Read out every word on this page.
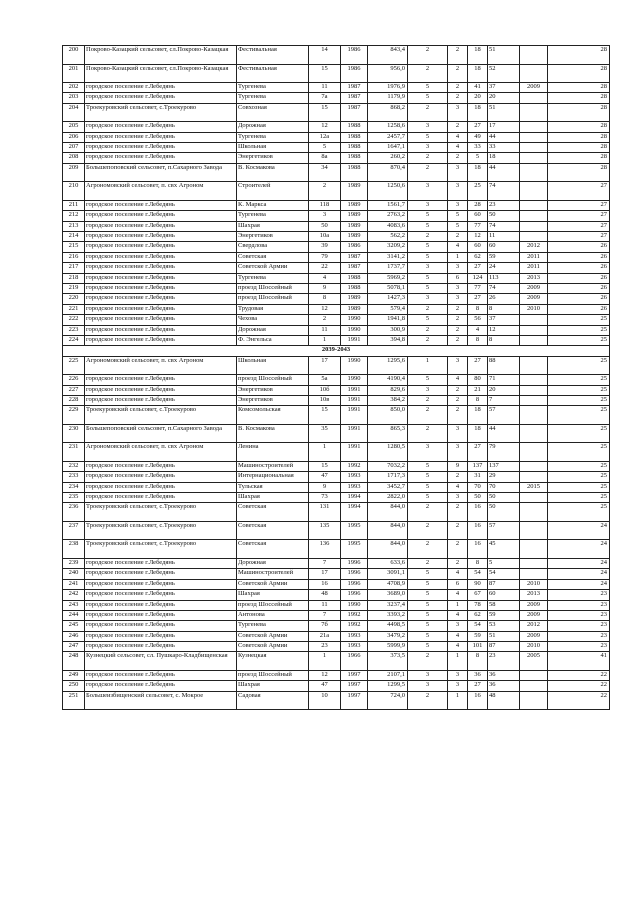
200	Покрово-Казацкий сельсовет, сл.Покрово-Казацкая	Фестивальная	14	1986	843,4	2	2	18	51		28
201	Покрово-Казацкий сельсовет, сл.Покрово-Казацкая	Фестивальная	15	1986	956,0	2	2	18	52		28
202	городское поселение г.Лебедянь	Тургенева	11	1987	1976,9	5	2	41	37	2009	28
203	городское поселение г.Лебедянь	Тургенева	7а	1987	1179,9	5	2	20	20		28
204	Троекуровский сельсовет, с.Троекурово	Совхозная	15	1987	868,2	2	3	18	51		28
205	городское поселение г.Лебедянь	Дорожная	12	1988	1258,6	3	2	27	17		28
206	городское поселение г.Лебедянь	Тургенева	12а	1988	2457,7	5	4	49	44		28
207	городское поселение г.Лебедянь	Школьная	5	1988	1647,1	3	4	33	33		28
208	городское поселение г.Лебедянь	Энергетиков	8а	1988	260,2	2	2	5	18		28
209	Большепоповский сельсовет, п.Сахарного Завода	В. Космакова	34	1988	870,4	2	3	18	44		28
210	Агрономовский сельсовет, п. свх Агроном	Строителей	2	1989	1250,6	3	3	25	74		27
211	городское поселение г.Лебедянь	К. Маркса	118	1989	1561,7	3	3	28	23		27
212	городское поселение г.Лебедянь	Тургенева	3	1989	2763,2	5	5	60	50		27
213	городское поселение г.Лебедянь	Шахрая	50	1989	4083,6	5	5	77	74		27
214	городское поселение г.Лебедянь	Энергетиков	10а	1989	562,2	2	2	12	11		27
215	городское поселение г.Лебедянь	Свердлова	39	1986	3209,2	5	4	60	60	2012	26
216	городское поселение г.Лебедянь	Советская	79	1987	3141,2	5	1	62	59	2011	26
217	городское поселение г.Лебедянь	Советской Армии	22	1987	1737,7	3	3	27	24	2011	26
218	городское поселение г.Лебедянь	Тургенева	4	1988	5969,2	5	6	124	113	2013	26
219	городское поселение г.Лебедянь	проезд Шоссейный	9	1988	5078,1	5	3	77	74	2009	26
220	городское поселение г.Лебедянь	проезд Шоссейный	8	1989	1427,3	3	3	27	26	2009	26
221	городское поселение г.Лебедянь	Трудовая	12	1989	579,4	2	2	8	8	2010	26
222	городское поселение г.Лебедянь	Чехова	2	1990	1941,8	5	2	56	37		25
223	городское поселение г.Лебедянь	Дорожная	11	1990	300,9	2	2	4	12		25
224	городское поселение г.Лебедянь	Ф. Энгельса	1	1991	394,8	2	2	8	8		25
2039-2043											
225	Агрономовский сельсовет, п. свх Агроном	Школьная	17	1990	1295,6	1	3	27	88		25
226	городское поселение г.Лебедянь	проезд Шоссейный	5а	1990	4190,4	5	4	80	71		25
227	городское поселение г.Лебедянь	Энергетиков	10б	1991	829,6	3	2	21	20		25
228	городское поселение г.Лебедянь	Энергетиков	10в	1991	384,2	2	2	8	7		25
229	Троекуровский сельсовет, с.Троекурово	Комсомольская	15	1991	850,0	2	2	18	57		25
230	Большепоповский сельсовет, п.Сахарного Завода	В. Космакова	35	1991	865,3	2	3	18	44		25
231	Агрономовский сельсовет, п. свх Агроном	Ленина	1	1991	1280,5	3	3	27	79		25
232	городское поселение г.Лебедянь	Машиностроителей	15	1992	7032,2	5	9	137	137		25
233	городское поселение г.Лебедянь	Интернациональная	47	1993	1717,3	5	2	31	29		25
234	городское поселение г.Лебедянь	Тульская	9	1993	3452,7	5	4	70	70	2015	25
235	городское поселение г.Лебедянь	Шахрая	73	1994	2822,0	5	3	50	50		25
236	Троекуровский сельсовет, с.Троекурово	Советская	131	1994	844,0	2	2	16	50		25
237	Троекуровский сельсовет, с.Троекурово	Советская	135	1995	844,0	2	2	16	57		24
238	Троекуровский сельсовет, с.Троекурово	Советская	136	1995	844,0	2	2	16	45		24
239	городское поселение г.Лебедянь	Дорожная	7	1996	633,6	2	2	8	5		24
240	городское поселение г.Лебедянь	Машиностроителей	17	1996	3091,1	5	4	54	54		24
241	городское поселение г.Лебедянь	Советской Армии	16	1996	4708,9	5	6	90	87	2010	24
242	городское поселение г.Лебедянь	Шахрая	48	1996	3689,0	5	4	67	60	2013	23
243	городское поселение г.Лебедянь	проезд Шоссейный	11	1990	3237,4	5	1	78	58	2009	23
244	городское поселение г.Лебедянь	Антонова	7	1992	3393,2	5	4	62	59	2009	23
245	городское поселение г.Лебедянь	Тургенева	7б	1992	4498,5	5	3	54	53	2012	23
246	городское поселение г.Лебедянь	Советской Армии	21а	1993	3479,2	5	4	59	51	2009	23
247	городское поселение г.Лебедянь	Советской Армии	23	1993	5999,9	5	4	101	87	2010	23
248	Кузнецкий сельсовет, сл. Пушкаро-Кладбищенская	Кузнецкая	1	1966	373,5	2	1	8	23	2005	41
249	городское поселение г.Лебедянь	проезд Шоссейный	12	1997	2107,1	3	3	36	36		22
250	городское поселение г.Лебедянь	Шахрая	47	1997	1299,5	3	3	27	36		22
251	Большеизбищенский сельсовет, с. Мокрое	Садовая	10	1997	724,0	2	1	16	48		22
